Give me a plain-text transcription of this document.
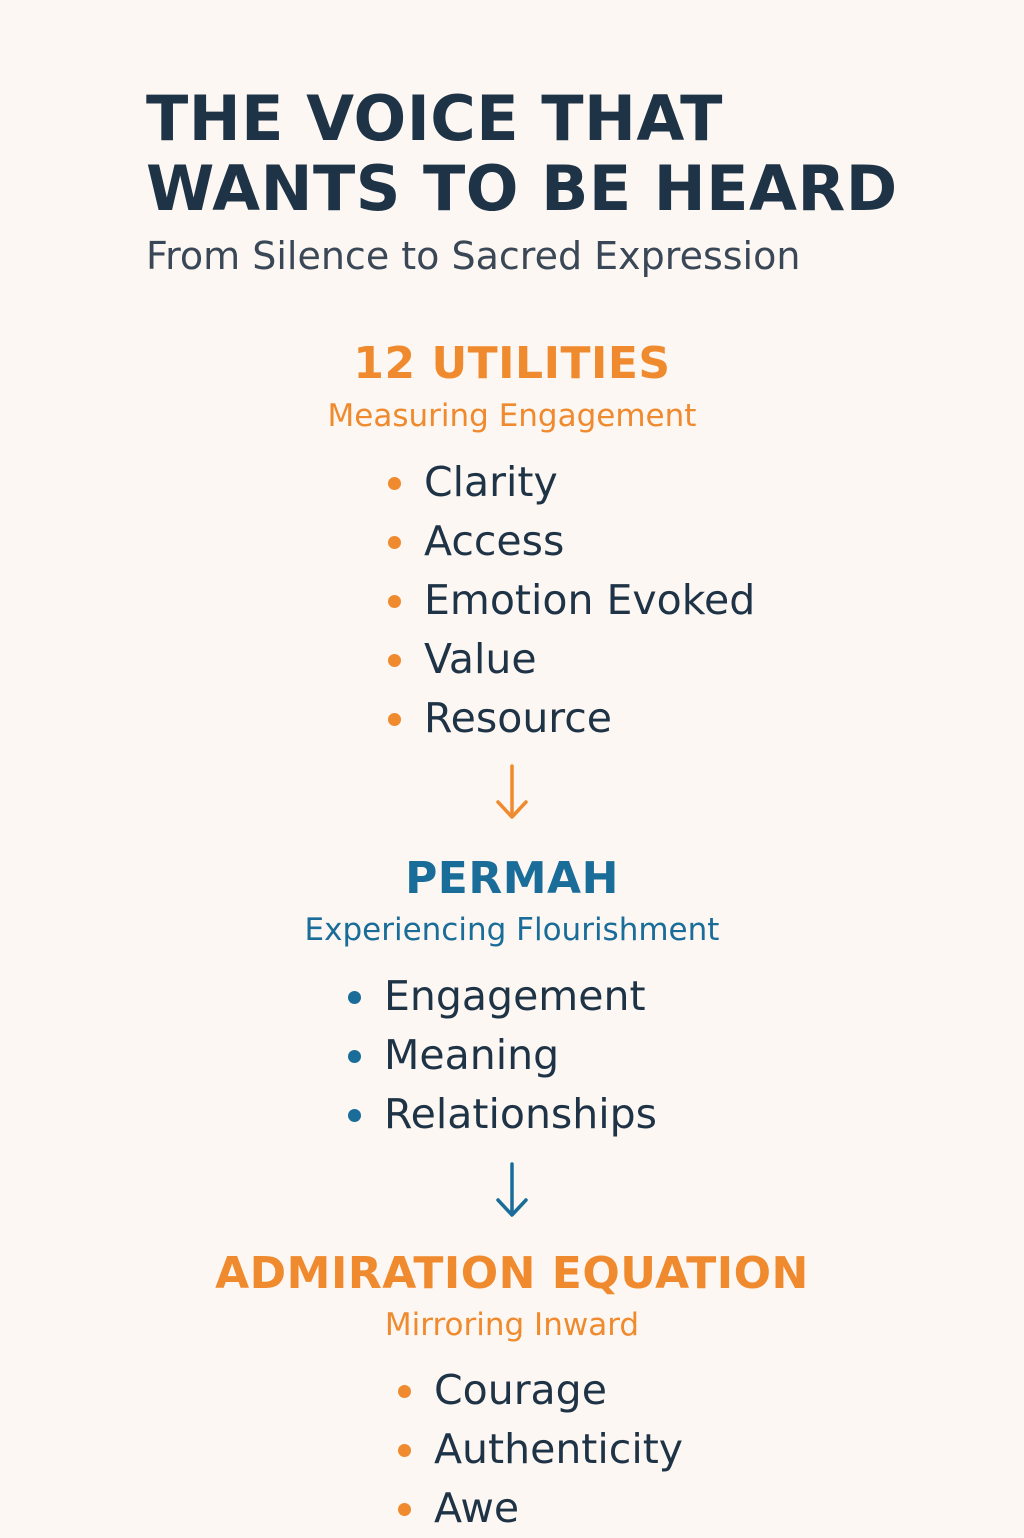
THE VOICE THAT
WANTS TO BE HEARD
From Silence to Sacred Expression
12 UTILITIES
Measuring Engagement
Clarity
Access
Emotion Evoked
Value
Resource
PERMAH
Experiencing Flourishment
Engagement
Meaning
Relationships
ADMIRATION EQUATION
Mirroring Inward
Courage
Authenticity
Awe
